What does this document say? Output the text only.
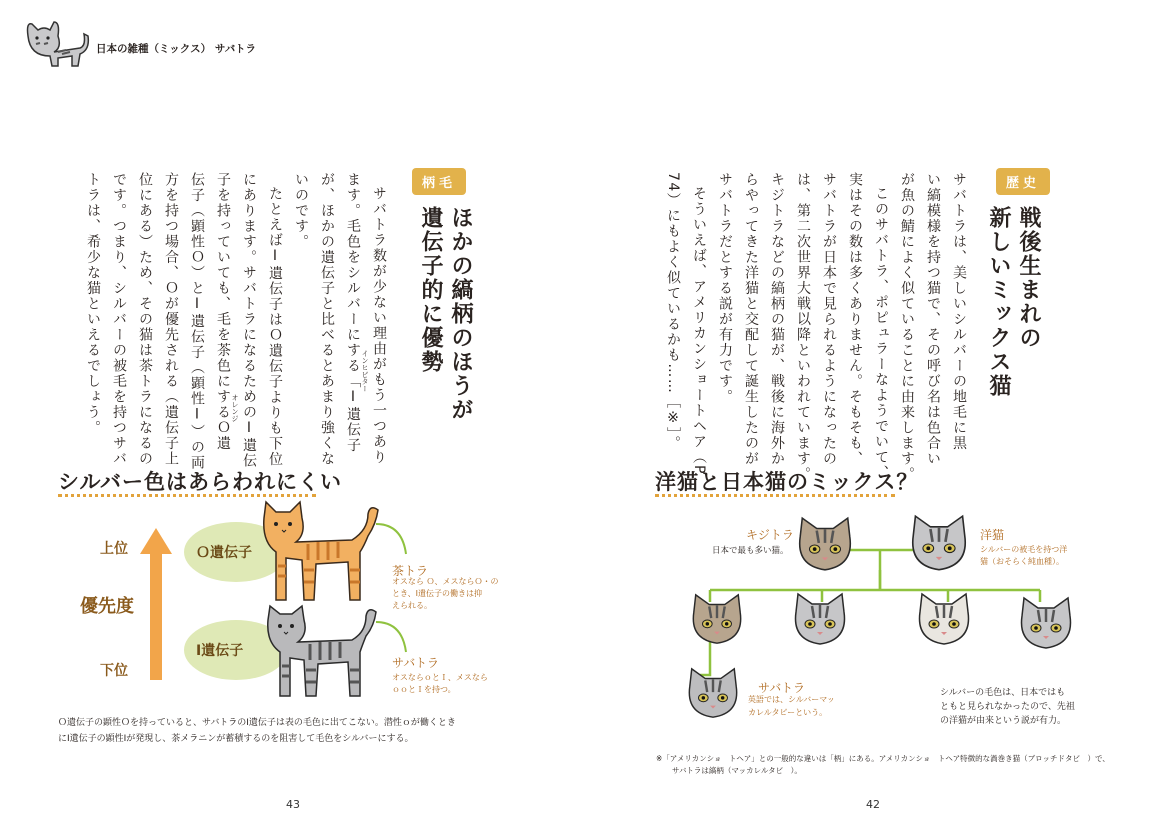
日本の雑種（ミックス） サバトラ
歴史
戦後生まれの
新しいミックス猫
サバトラは、美しいシルバーの地毛に黒
い縞模様を持つ猫で、その呼び名は色合い
が魚の鯖によく似ていることに由来します。
このサバトラ、ポピュラーなようでいて、
実はその数は多くありません。そもそも、
サバトラが日本で見られるようになったの
は、第二次世界大戦以降といわれています。
キジトラなどの縞柄の猫が、戦後に海外か
らやってきた洋猫と交配して誕生したのが
サバトラだとする説が有力です。
そういえば、アメリカンショートヘア（P
74）にもよく似ているかも……［※］。
洋猫と日本猫のミックス？
キジトラ
日本で最も多い猫。
洋猫
シルバーの被毛を持つ洋
猫（おそらく純血種）。
サバトラ
英語では、シルバーマッ
カレルタビーという。
シルバーの毛色は、日本ではも
ともと見られなかったので、先祖
の洋猫が由来という説が有力。
※「アメリカンショ　トヘア」との一般的な違いは「柄」にある。アメリカンショ　トヘア特徴的な渦巻き猫（ブロッチドタビ　）で、
サバトラは縞柄（マッカレルタビ　）。
42
柄毛
ほかの縞柄のほうが
遺伝子的に優勢
サバトラ数が少ない理由がもう一つあり
ます。毛色をシルバーにする「Ⅰ遺伝子 インヒビター
が、ほかの遺伝子と比べるとあまり強くな
いのです。
たとえばⅠ遺伝子はＯ遺伝子よりも下位
にあります。サバトラになるためのⅠ遺伝
子を持っていても、毛を茶色にするＯ遺 オレンジ
伝子（顕性Ｏ）とⅠ遺伝子（顕性Ⅰ）の両
方を持つ場合、Ｏが優先される（遺伝子上
位にある）ため、その猫は茶トラになるの
です。つまり、シルバーの被毛を持つサバ
トラは、希少な猫といえるでしょう。
シルバー色はあらわれにくい
上位
優先度
下位
Ｏ遺伝子
Ⅰ遺伝子
茶トラ
オスなら Ｏ、メスならＯ・の
とき、Ⅰ遺伝子の働きは抑
えられる。
サバトラ
オスならｏとＩ、メスなら
ｏｏとＩを持つ。
Ｏ遺伝子の顕性Ｏを持っていると、サバトラのⅠ遺伝子は表の毛色に出てこない。潜性ｏが働くとき
にⅠ遺伝子の顕性Ⅰが発現し、茶メラニンが蓄積するのを阻害して毛色をシルバーにする。
43
